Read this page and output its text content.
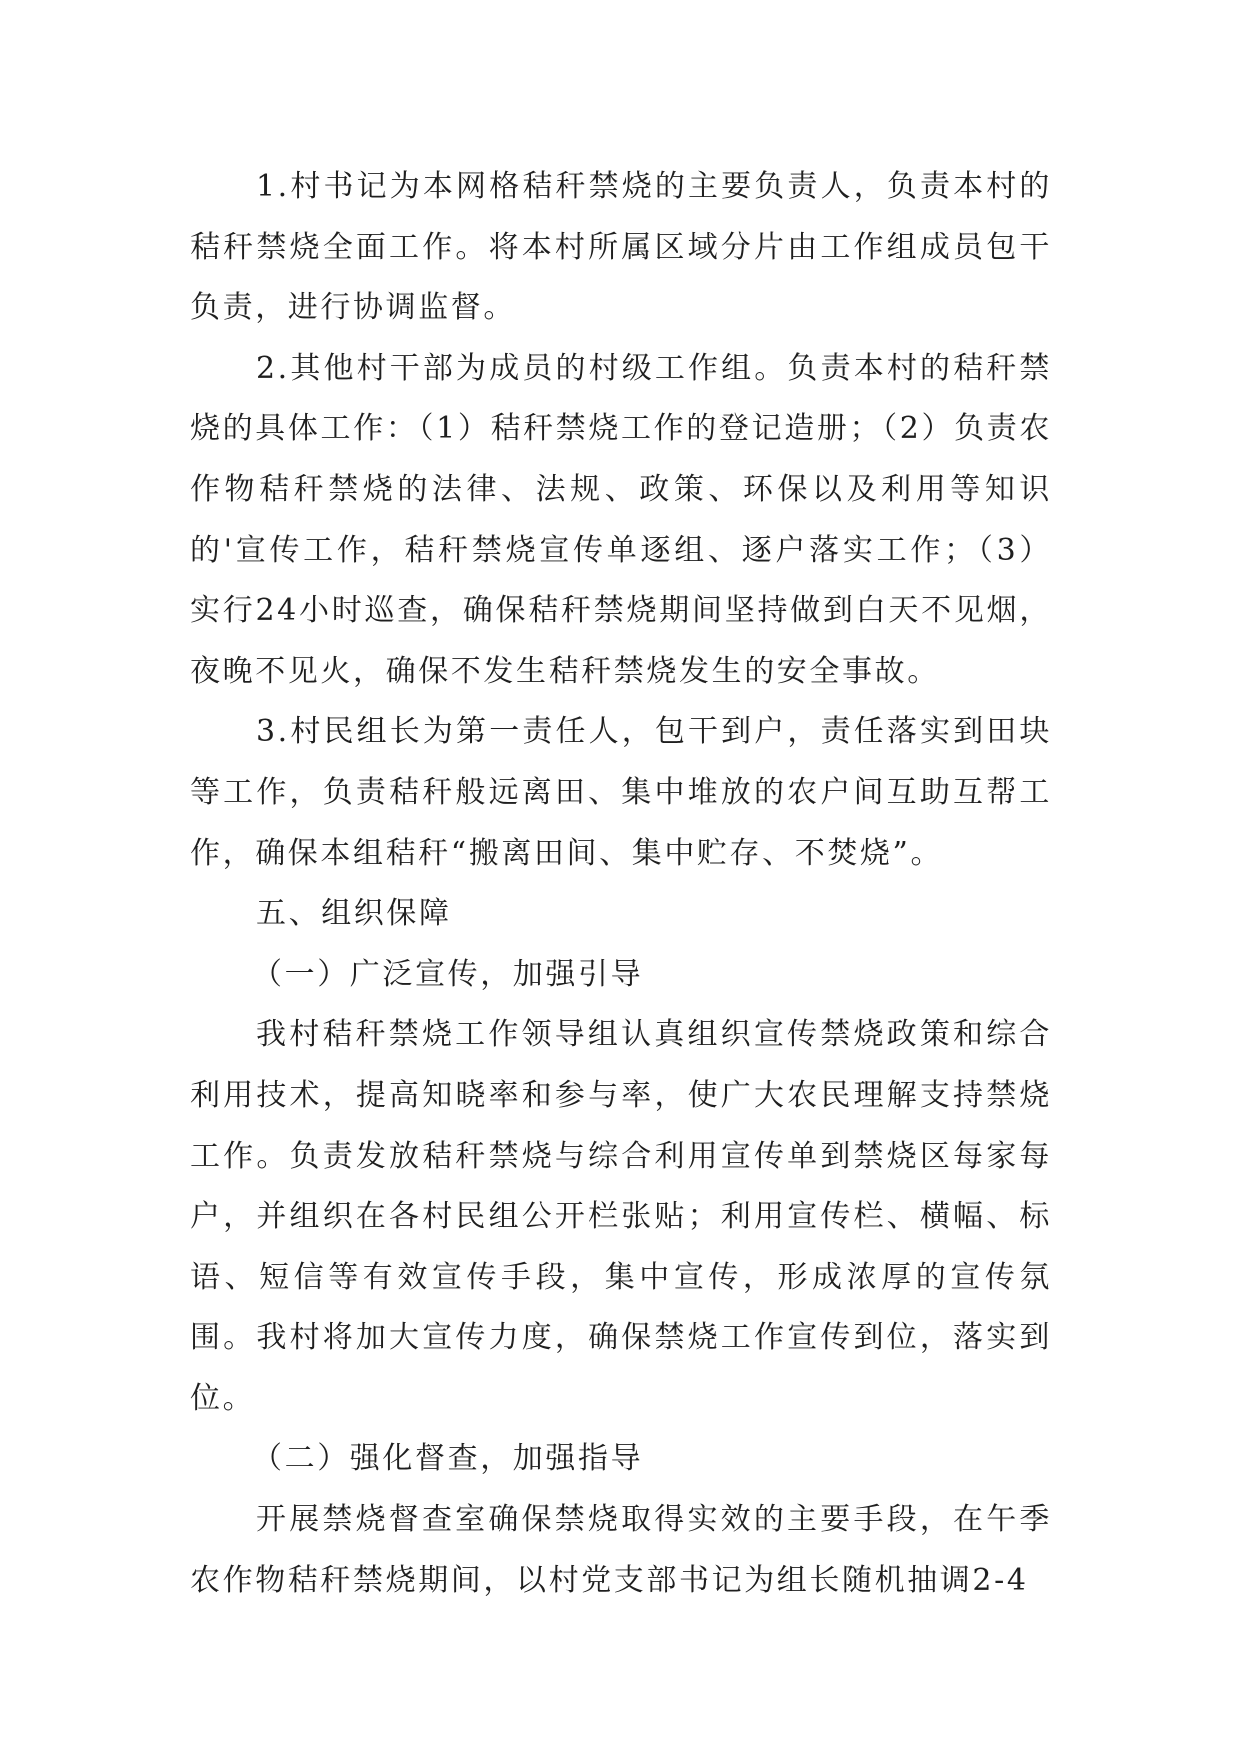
1.村书记为本网格秸秆禁烧的主要负责人，负责本村的秸秆禁烧全面工作。将本村所属区域分片由工作组成员包干负责，进行协调监督。

2.其他村干部为成员的村级工作组。负责本村的秸秆禁烧的具体工作：（1）秸秆禁烧工作的登记造册；（2）负责农作物秸秆禁烧的法律、法规、政策、环保以及利用等知识的'宣传工作，秸秆禁烧宣传单逐组、逐户落实工作；（3）实行24小时巡查，确保秸秆禁烧期间坚持做到白天不见烟，夜晚不见火，确保不发生秸秆禁烧发生的安全事故。

3.村民组长为第一责任人，包干到户，责任落实到田块等工作，负责秸秆般远离田、集中堆放的农户间互助互帮工作，确保本组秸秆“搬离田间、集中贮存、不焚烧”。

五、组织保障

（一）广泛宣传，加强引导

我村秸秆禁烧工作领导组认真组织宣传禁烧政策和综合利用技术，提高知晓率和参与率，使广大农民理解支持禁烧工作。负责发放秸秆禁烧与综合利用宣传单到禁烧区每家每户，并组织在各村民组公开栏张贴；利用宣传栏、横幅、标语、短信等有效宣传手段，集中宣传，形成浓厚的宣传氛围。我村将加大宣传力度，确保禁烧工作宣传到位，落实到位。

（二）强化督查，加强指导

开展禁烧督查室确保禁烧取得实效的主要手段，在午季农作物秸秆禁烧期间，以村党支部书记为组长随机抽调2-4
